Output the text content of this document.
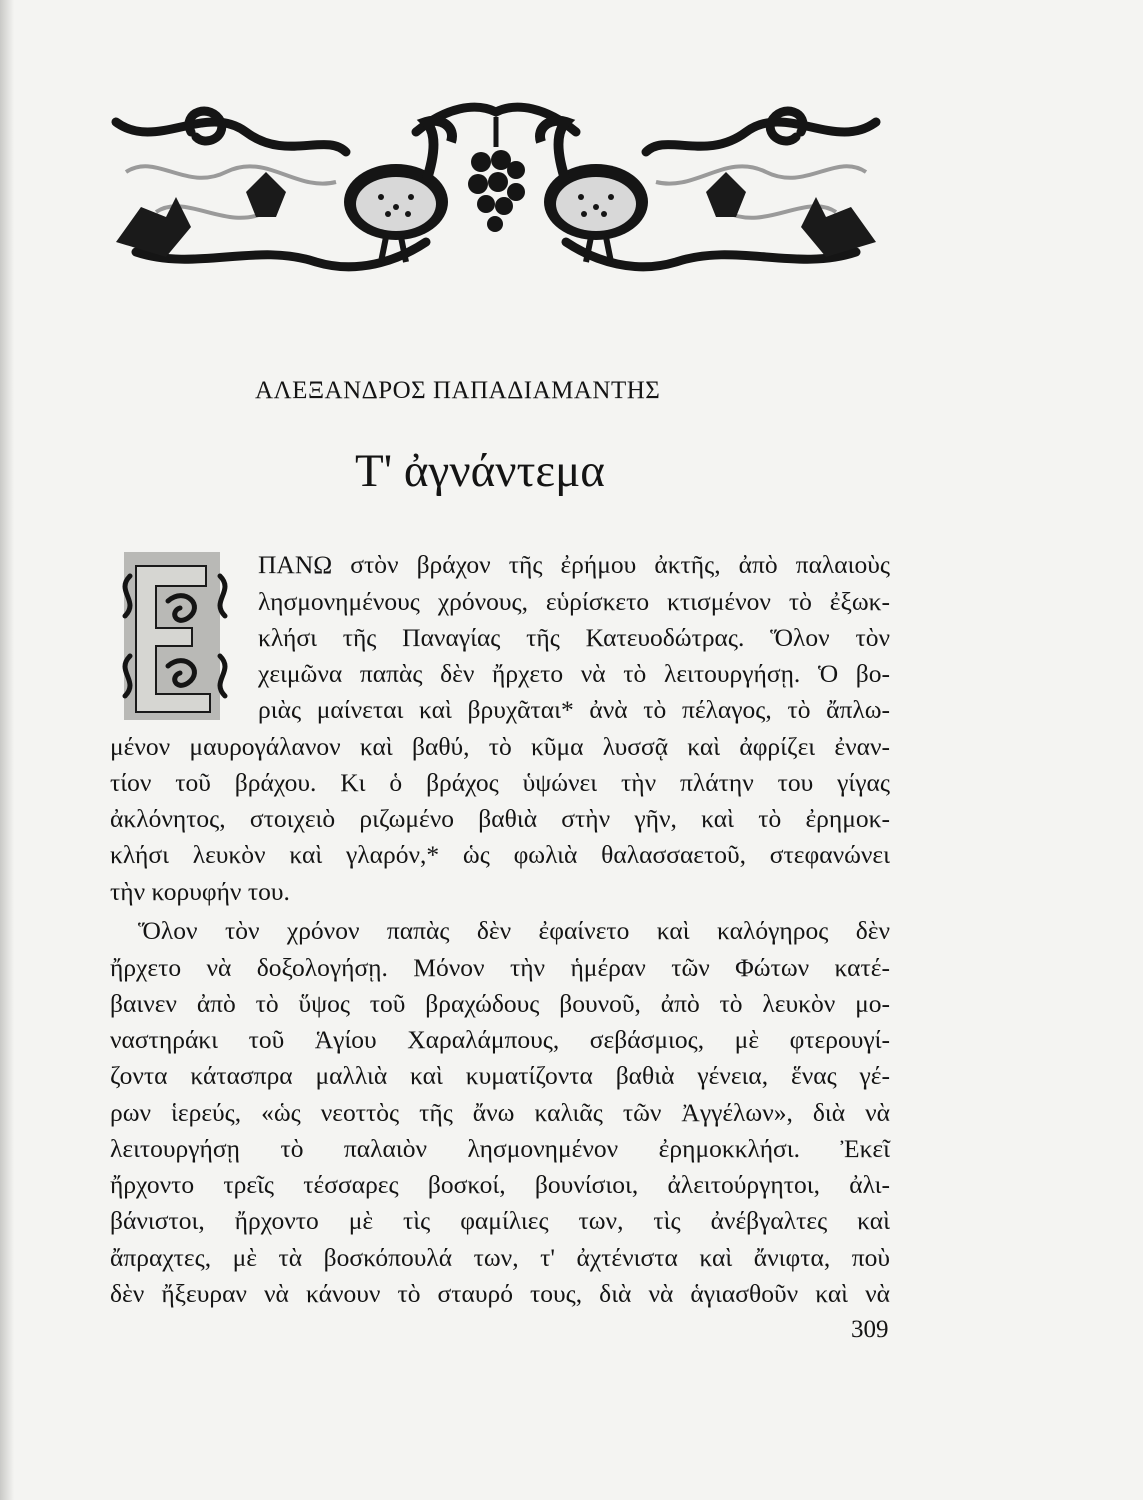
ΑΛΕΞΑΝΔΡΟΣ ΠΑΠΑΔΙΑΜΑΝΤΗΣ
Τ' ἀγνάντεμα
ΠΑΝΩ στὸν βράχον τῆς ἐρήμου ἀκτῆς, ἀπὸ παλαιοὺς
λησμονημένους χρόνους, εὑρίσκετο κτισμένον τὸ ἐξωκ-
κλήσι τῆς Παναγίας τῆς Κατευοδώτρας. Ὅλον τὸν
χειμῶνα παπὰς δὲν ἤρχετο νὰ τὸ λειτουργήσῃ. Ὁ βο-
ριὰς μαίνεται καὶ βρυχᾶται* ἀνὰ τὸ πέλαγος, τὸ ἄπλω-
μένον μαυρογάλανον καὶ βαθύ, τὸ κῦμα λυσσᾷ καὶ ἀφρίζει ἐναν-
τίον τοῦ βράχου. Κι ὁ βράχος ὑψώνει τὴν πλάτην του γίγας
ἀκλόνητος, στοιχειὸ ριζωμένο βαθιὰ στὴν γῆν, καὶ τὸ ἐρημοκ-
κλήσι λευκὸν καὶ γλαρόν,* ὡς φωλιὰ θαλασσαετοῦ, στεφανώνει
τὴν κορυφήν του.
Ὅλον τὸν χρόνον παπὰς δὲν ἐφαίνετο καὶ καλόγηρος δὲν
ἤρχετο νὰ δοξολογήσῃ. Μόνον τὴν ἡμέραν τῶν Φώτων κατέ-
βαινεν ἀπὸ τὸ ὕψος τοῦ βραχώδους βουνοῦ, ἀπὸ τὸ λευκὸν μο-
ναστηράκι τοῦ Ἁγίου Χαραλάμπους, σεβάσμιος, μὲ φτερουγί-
ζοντα κάτασπρα μαλλιὰ καὶ κυματίζοντα βαθιὰ γένεια, ἕνας γέ-
ρων ἱερεύς, «ὡς νεοττὸς τῆς ἄνω καλιᾶς τῶν Ἀγγέλων», διὰ νὰ
λειτουργήσῃ τὸ παλαιὸν λησμονημένον ἐρημοκκλήσι. Ἐκεῖ
ἤρχοντο τρεῖς τέσσαρες βοσκοί, βουνίσιοι, ἀλειτούργητοι, ἀλι-
βάνιστοι, ἤρχοντο μὲ τὶς φαμίλιες των, τὶς ἀνέβγαλτες καὶ
ἄπραχτες, μὲ τὰ βοσκόπουλά των, τ' ἀχτένιστα καὶ ἄνιφτα, ποὺ
δὲν ἤξευραν νὰ κάνουν τὸ σταυρό τους, διὰ νὰ ἁγιασθοῦν καὶ νὰ
309
